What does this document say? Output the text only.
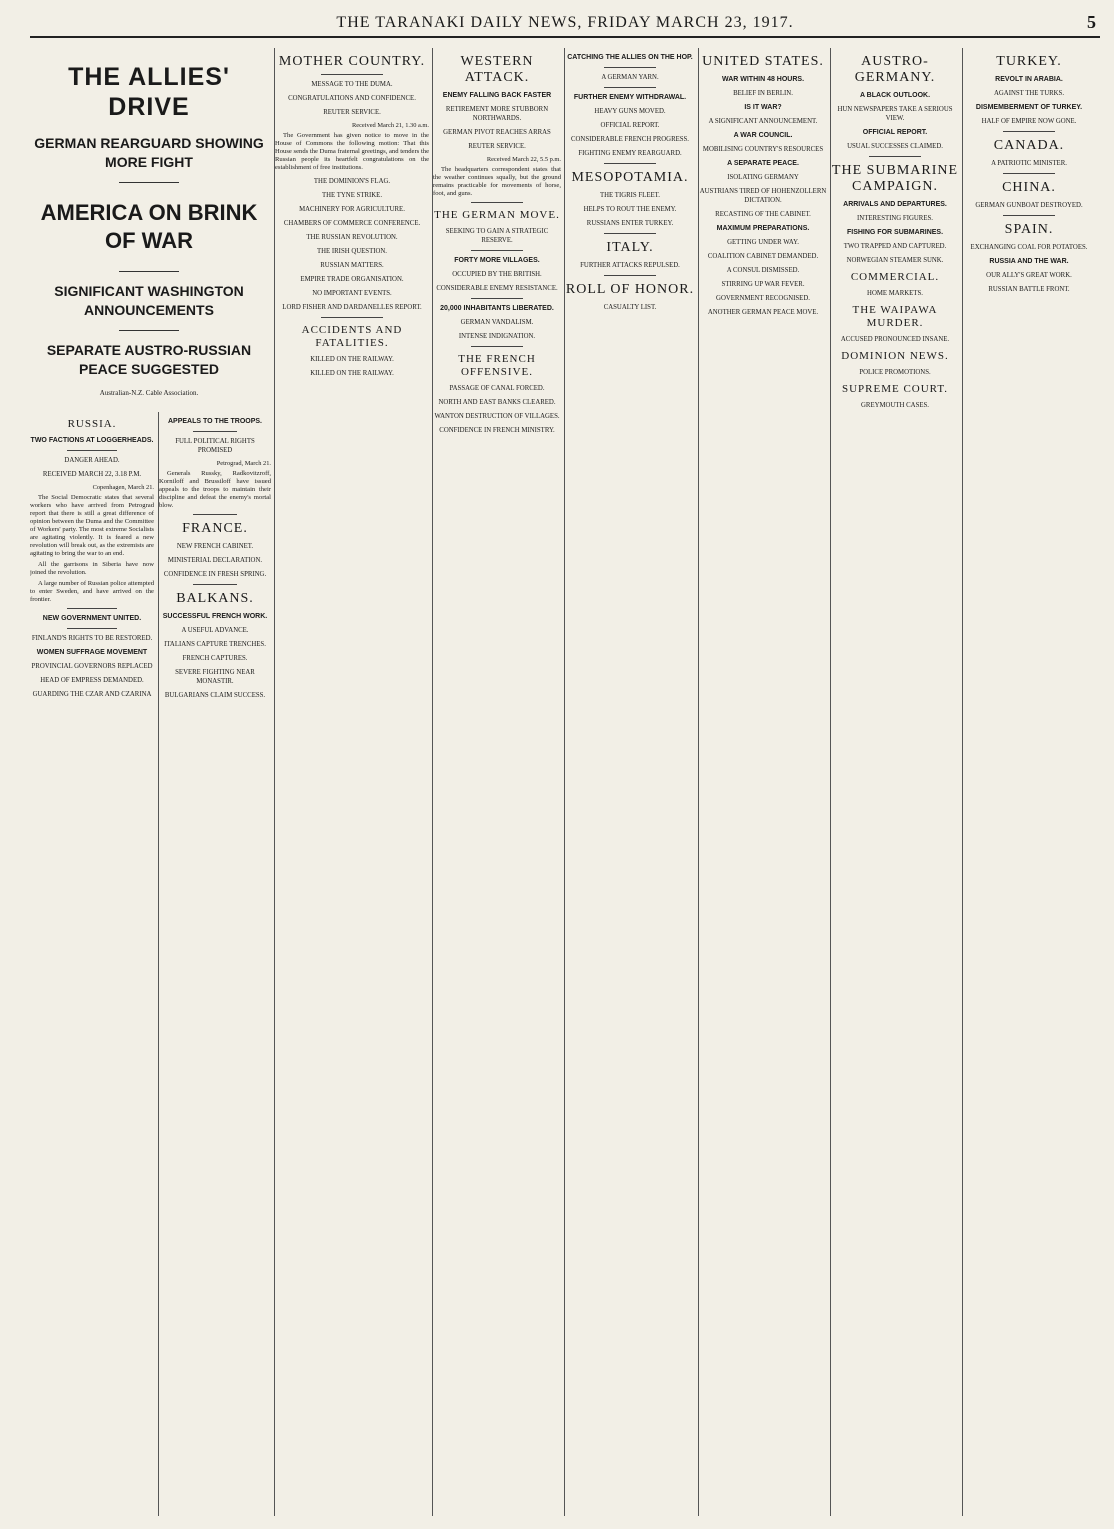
THE TARANAKI DAILY NEWS, FRIDAY MARCH 23, 1917.	5
THE ALLIES' DRIVE
GERMAN REARGUARD SHOWING MORE FIGHT
AMERICA ON BRINK OF WAR
SIGNIFICANT WASHINGTON ANNOUNCEMENTS
SEPARATE AUSTRO-RUSSIAN PEACE SUGGESTED
Australian-N.Z. Cable Association.
RUSSIA.
TWO FACTIONS AT LOGGERHEADS.
DANGER AHEAD.
RECEIVED MARCH 22, 3.18 P.M.
Copenhagen, March 21.

The Social Democratic states that several workers who have arrived from Petrograd report that there is still a great difference of opinion between the Duma and the Committee of Workers' party. The most extreme Socialists are agitating violently. It is feared a new revolution will break out, as the extremists are agitating to bring the war to an end.

All the garrisons in Siberia have now joined the revolution.

A large number of Russian police attempted to enter Sweden, and have arrived on the frontier.

NEW GOVERNMENT UNITED.
FINLAND'S RIGHTS TO BE RESTORED.

WOMEN SUFFRAGE MOVEMENT
PROVINCIAL GOVERNORS REPLACED
HEAD OF EMPRESS DEMANDED.

GUARDING THE CZAR AND CZARINA
APPEALS TO THE TROOPS.
FULL POLITICAL RIGHTS PROMISED
Petrograd, March 21.

Generals Russky, Radkovitzroff, Korniloff and Brussiloff have issued appeals to the troops to maintain their discipline and defeat the enemy's mortal blow.

FRANCE.
NEW FRENCH CABINET.
MINISTERIAL DECLARATION.
CONFIDENCE IN FRESH SPRING.

BALKANS.
SUCCESSFUL FRENCH WORK.
A USEFUL ADVANCE.
ITALIANS CAPTURE TRENCHES.
FRENCH CAPTURES.
SEVERE FIGHTING NEAR MONASTIR.
BULGARIANS CLAIM SUCCESS.
MOTHER COUNTRY.
MESSAGE TO THE DUMA.
CONGRATULATIONS AND CONFIDENCE.
REUTER SERVICE.
Received March 21, 1.30 a.m.

The Government has given notice to move in the House of Commons the following motion: That this House sends the Duma fraternal greetings, and tenders the Russian people its heartfelt congratulations on the establishment of free institutions.

THE DOMINION'S FLAG.
THE TYNE STRIKE.
MACHINERY FOR AGRICULTURE.
CHAMBERS OF COMMERCE CONFERENCE.
THE RUSSIAN REVOLUTION.
THE IRISH QUESTION.
RUSSIAN MATTERS.
EMPIRE TRADE ORGANISATION.
NO IMPORTANT EVENTS.
LORD FISHER AND DARDANELLES REPORT.
ACCIDENTS AND FATALITIES.
KILLED ON THE RAILWAY.
KILLED ON THE RAILWAY.
WESTERN ATTACK.
ENEMY FALLING BACK FASTER
RETIREMENT MORE STUBBORN NORTHWARDS.
GERMAN PIVOT REACHES ARRAS
REUTER SERVICE.
Received March 22, 5.5 p.m.

The headquarters correspondent states that the weather continues squally, but the ground remains practicable for movements of horse, foot, and guns.

THE GERMAN MOVE.
SEEKING TO GAIN A STRATEGIC RESERVE.
FORTY MORE VILLAGES.
OCCUPIED BY THE BRITISH.
CONSIDERABLE ENEMY RESISTANCE.
20,000 INHABITANTS LIBERATED.
GERMAN VANDALISM.
INTENSE INDIGNATION.
THE FRENCH OFFENSIVE.
PASSAGE OF CANAL FORCED.
NORTH AND EAST BANKS CLEARED.
WANTON DESTRUCTION OF VILLAGES.
CONFIDENCE IN FRENCH MINISTRY.
CATCHING THE ALLIES ON THE HOP.
A GERMAN YARN.
FURTHER ENEMY WITHDRAWAL.
HEAVY GUNS MOVED.
OFFICIAL REPORT.
CONSIDERABLE FRENCH PROGRESS.
FIGHTING ENEMY REARGUARD.
MESOPOTAMIA.
THE TIGRIS FLEET.
HELPS TO ROUT THE ENEMY.
RUSSIANS ENTER TURKEY.
ITALY.
FURTHER ATTACKS REPULSED.
ROLL OF HONOR.
CASUALTY LIST.
UNITED STATES.
WAR WITHIN 48 HOURS.
BELIEF IN BERLIN.
IS IT WAR?
A SIGNIFICANT ANNOUNCEMENT.
A WAR COUNCIL.
MOBILISING COUNTRY'S RESOURCES
A SEPARATE PEACE.
ISOLATING GERMANY
AUSTRIANS TIRED OF HOHENZOLLERN DICTATION.
RECASTING OF THE CABINET.
MAXIMUM PREPARATIONS.
GETTING UNDER WAY.
COALITION CABINET DEMANDED.
A CONSUL DISMISSED.
STIRRING UP WAR FEVER.
GOVERNMENT RECOGNISED.
ANOTHER GERMAN PEACE MOVE.
AUSTRO-GERMANY.
A BLACK OUTLOOK.
HUN NEWSPAPERS TAKE A SERIOUS VIEW.
OFFICIAL REPORT.
USUAL SUCCESSES CLAIMED.
THE SUBMARINE CAMPAIGN.
ARRIVALS AND DEPARTURES.
INTERESTING FIGURES.
FISHING FOR SUBMARINES.
TWO TRAPPED AND CAPTURED.
NORWEGIAN STEAMER SUNK.
COMMERCIAL.
HOME MARKETS.
THE WAIPAWA MURDER.
ACCUSED PRONOUNCED INSANE.
DOMINION NEWS.
POLICE PROMOTIONS.
SUPREME COURT.
GREYMOUTH CASES.
TURKEY.
REVOLT IN ARABIA.
AGAINST THE TURKS.
DISMEMBERMENT OF TURKEY.
HALF OF EMPIRE NOW GONE.
CANADA.
A PATRIOTIC MINISTER.
CHINA.
GERMAN GUNBOAT DESTROYED.
SPAIN.
EXCHANGING COAL FOR POTATOES.
RUSSIA AND THE WAR.
OUR ALLY'S GREAT WORK.
RUSSIAN BATTLE FRONT.
